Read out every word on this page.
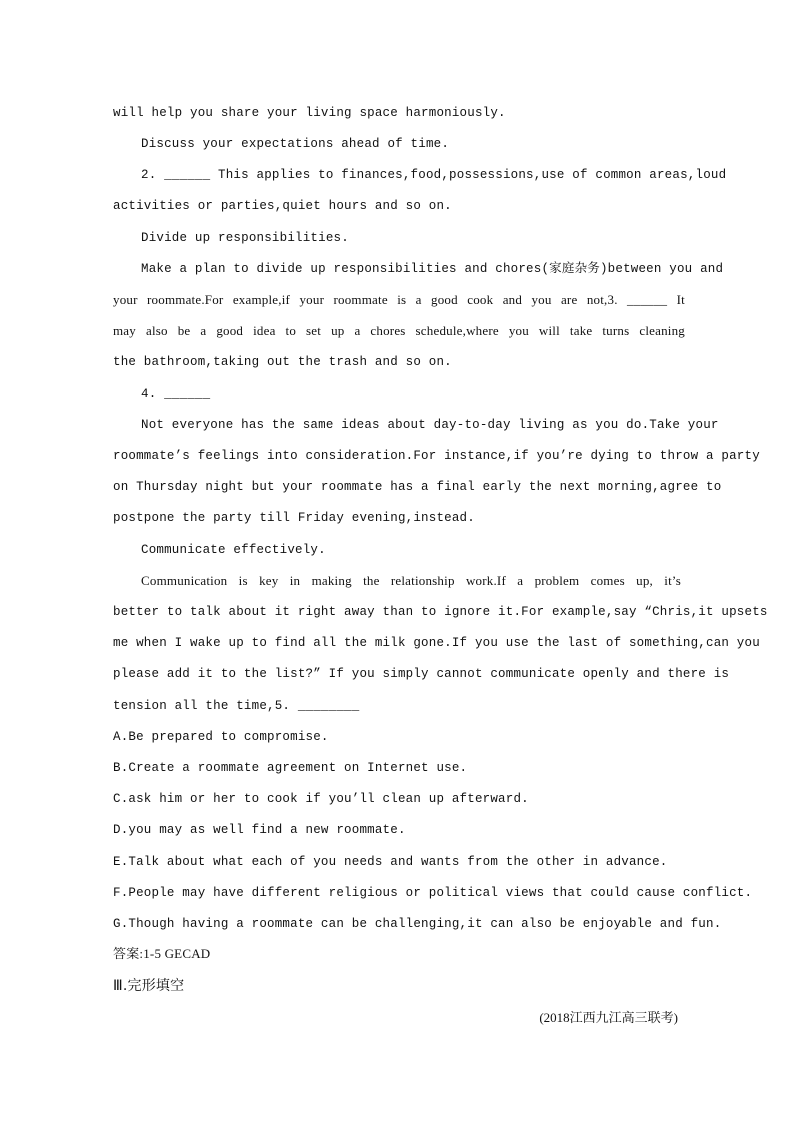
will help you share your living space harmoniously.
Discuss your expectations ahead of time.
2. ______ This applies to finances,food,possessions,use of common areas,loud
activities or parties,quiet hours and so on.
Divide up responsibilities.
Make a plan to divide up responsibilities and chores(家庭杂务)between you and
your roommate.For example,if your roommate is a good cook and you are not,3. ______ It
may also be a good idea to set up a chores schedule,where you will take turns cleaning
the bathroom,taking out the trash and so on.
4. ______
Not everyone has the same ideas about day-to-day living as you do.Take your
roommate’s feelings into consideration.For instance,if you’re dying to throw a party
on Thursday night but your roommate has a final early the next morning,agree to
postpone the party till Friday evening,instead.
Communicate effectively.
Communication is key in making the relationship work.If a problem comes up, it’s
better to talk about it right away than to ignore it.For example,say “Chris,it upsets
me when I wake up to find all the milk gone.If you use the last of something,can you
please add it to the list?” If you simply cannot communicate openly and there is
tension all the time,5. ________
A.Be prepared to compromise.
B.Create a roommate agreement on Internet use.
C.ask him or her to cook if you’ll clean up afterward.
D.you may as well find a new roommate.
E.Talk about what each of you needs and wants from the other in advance.
F.People may have different religious or political views that could cause conflict.
G.Though having a roommate can be challenging,it can also be enjoyable and fun.
答案:1-5 GECAD
Ⅲ.完形填空
(2018江西九江高三联考)
